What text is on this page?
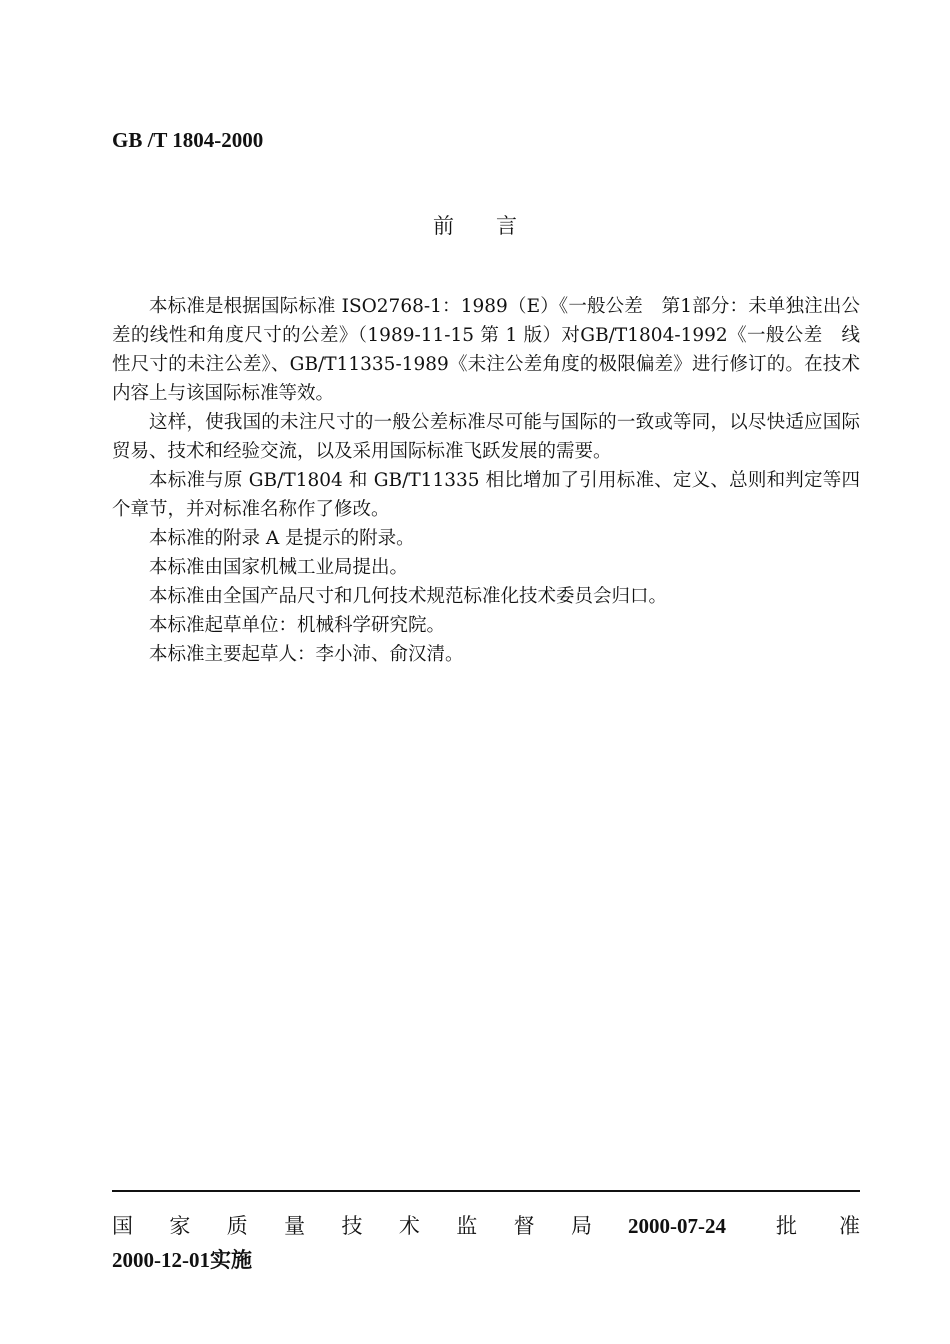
GB /T 1804-2000
前言

本标准是根据国际标准 ISO2768-1：1989（E）《一般公差　第1部分：未单独注出公差的线性和角度尺寸的公差》（1989-11-15 第 1 版）对GB/T1804-1992《一般公差　线性尺寸的未注公差》、GB/T11335-1989《未注公差角度的极限偏差》进行修订的。在技术内容上与该国际标准等效。

这样，使我国的未注尺寸的一般公差标准尽可能与国际的一致或等同，以尽快适应国际贸易、技术和经验交流，以及采用国际标准飞跃发展的需要。

本标准与原 GB/T1804 和 GB/T11335 相比增加了引用标准、定义、总则和判定等四个章节，并对标准名称作了修改。

本标准的附录 A 是提示的附录。

本标准由国家机械工业局提出。

本标准由全国产品尺寸和几何技术规范标准化技术委员会归口。

本标准起草单位：机械科学研究院。

本标准主要起草人：李小沛、俞汉清。

国 家 质 量 技 术 监 督 局 2000-07-24 批准
2000-12-01实施
